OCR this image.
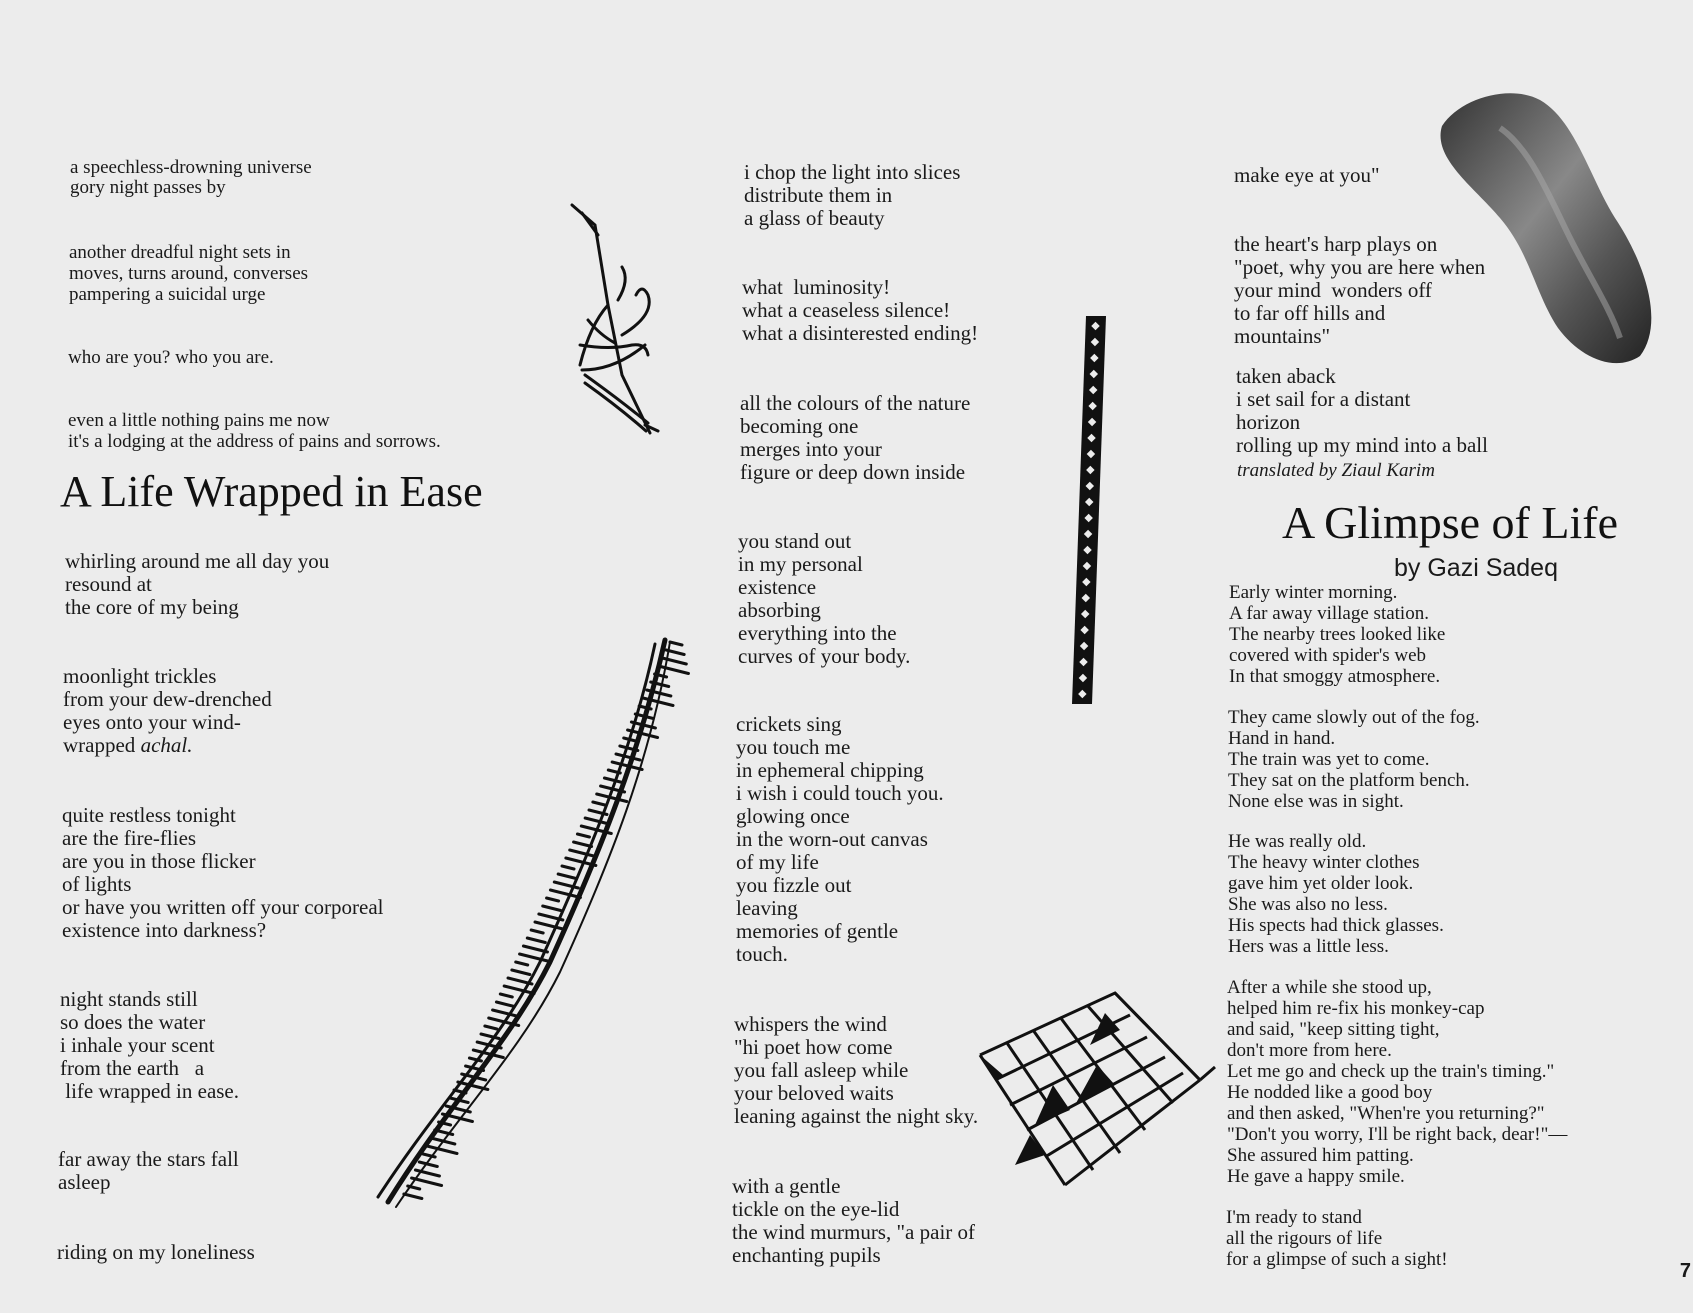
a speechless-drowning universe
gory night passes by
another dreadful night sets in
moves, turns around, converses
pampering a suicidal urge
who are you? who you are.
even a little nothing pains me now
it's a lodging at the address of pains and sorrows.
A Life Wrapped in Ease
whirling around me all day you
resound at
the core of my being
moonlight trickles
from your dew-drenched
eyes onto your wind-
wrapped achal.
quite restless tonight
are the fire-flies
are you in those flicker
of lights
or have you written off your corporeal
existence into darkness?
night stands still
so does the water
i inhale your scent
from the earth   a
life wrapped in ease.
far away the stars fall
asleep
riding on my loneliness
i chop the light into slices
distribute them in
a glass of beauty
what  luminosity!
what a ceaseless silence!
what a disinterested ending!
all the colours of the nature
becoming one
merges into your
figure or deep down inside
you stand out
in my personal
existence
absorbing
everything into the
curves of your body.
crickets sing
you touch me
in ephemeral chipping
i wish i could touch you.
glowing once
in the worn-out canvas
of my life
you fizzle out
leaving
memories of gentle
touch.
whispers the wind
"hi poet how come
you fall asleep while
your beloved waits
leaning against the night sky.
with a gentle
tickle on the eye-lid
the wind murmurs, "a pair of
enchanting pupils
make eye at you"
the heart's harp plays on
"poet, why you are here when
your mind  wonders off
to far off hills and
mountains"
taken aback
i set sail for a distant
horizon
rolling up my mind into a ball
translated by Ziaul Karim
A Glimpse of Life
by Gazi Sadeq
Early winter morning.
A far away village station.
The nearby trees looked like
covered with spider's web
In that smoggy atmosphere.
They came slowly out of the fog.
Hand in hand.
The train was yet to come.
They sat on the platform bench.
None else was in sight.
He was really old.
The heavy winter clothes
gave him yet older look.
She was also no less.
His spects had thick glasses.
Hers was a little less.
After a while she stood up,
helped him re-fix his monkey-cap
and said, "keep sitting tight,
don't more from here.
Let me go and check up the train's timing."
He nodded like a good boy
and then asked, "When're you returning?"
"Don't you worry, I'll be right back, dear!"—
She assured him patting.
He gave a happy smile.
I'm ready to stand
all the rigours of life
for a glimpse of such a sight!
7
